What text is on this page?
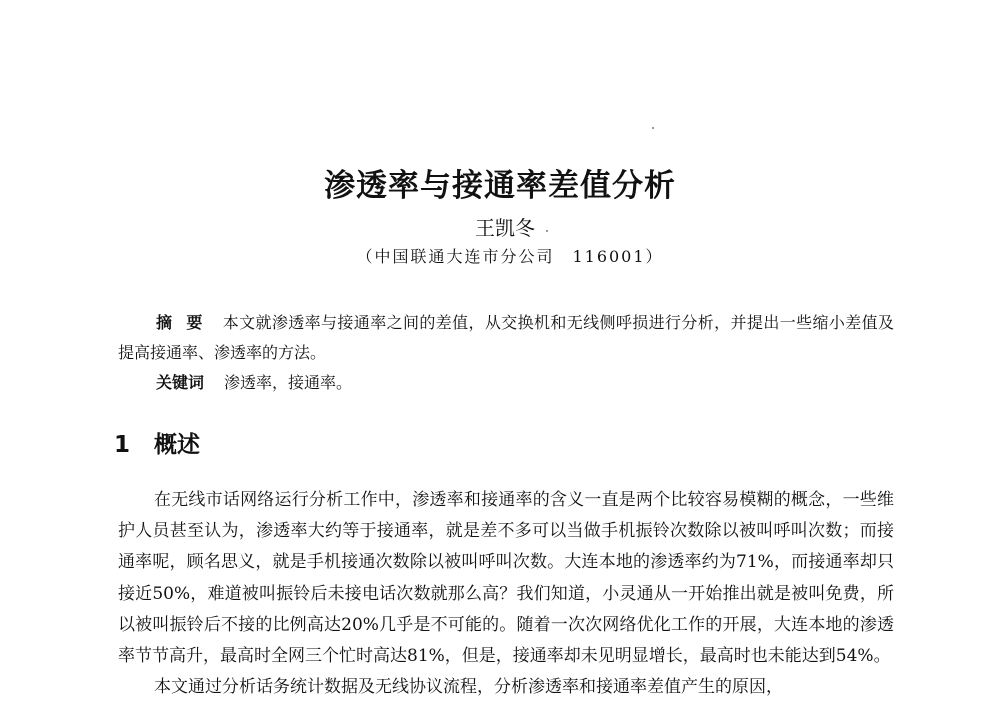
渗透率与接通率差值分析
王凯冬
（中国联通大连市分公司　116001）
摘要 本文就渗透率与接通率之间的差值，从交换机和无线侧呼损进行分析，并提出一些缩小差值及提高接通率、渗透率的方法。
关键词 渗透率，接通率。
1 概述

在无线市话网络运行分析工作中，渗透率和接通率的含义一直是两个比较容易模糊的概念，一些维护人员甚至认为，渗透率大约等于接通率，就是差不多可以当做手机振铃次数除以被叫呼叫次数；而接通率呢，顾名思义，就是手机接通次数除以被叫呼叫次数。大连本地的渗透率约为71%，而接通率却只接近50%，难道被叫振铃后未接电话次数就那么高？我们知道，小灵通从一开始推出就是被叫免费，所以被叫振铃后不接的比例高达20%几乎是不可能的。随着一次次网络优化工作的开展，大连本地的渗透率节节高升，最高时全网三个忙时高达81%，但是，接通率却未见明显增长，最高时也未能达到54%。

本文通过分析话务统计数据及无线协议流程，分析渗透率和接通率差值产生的原因，
